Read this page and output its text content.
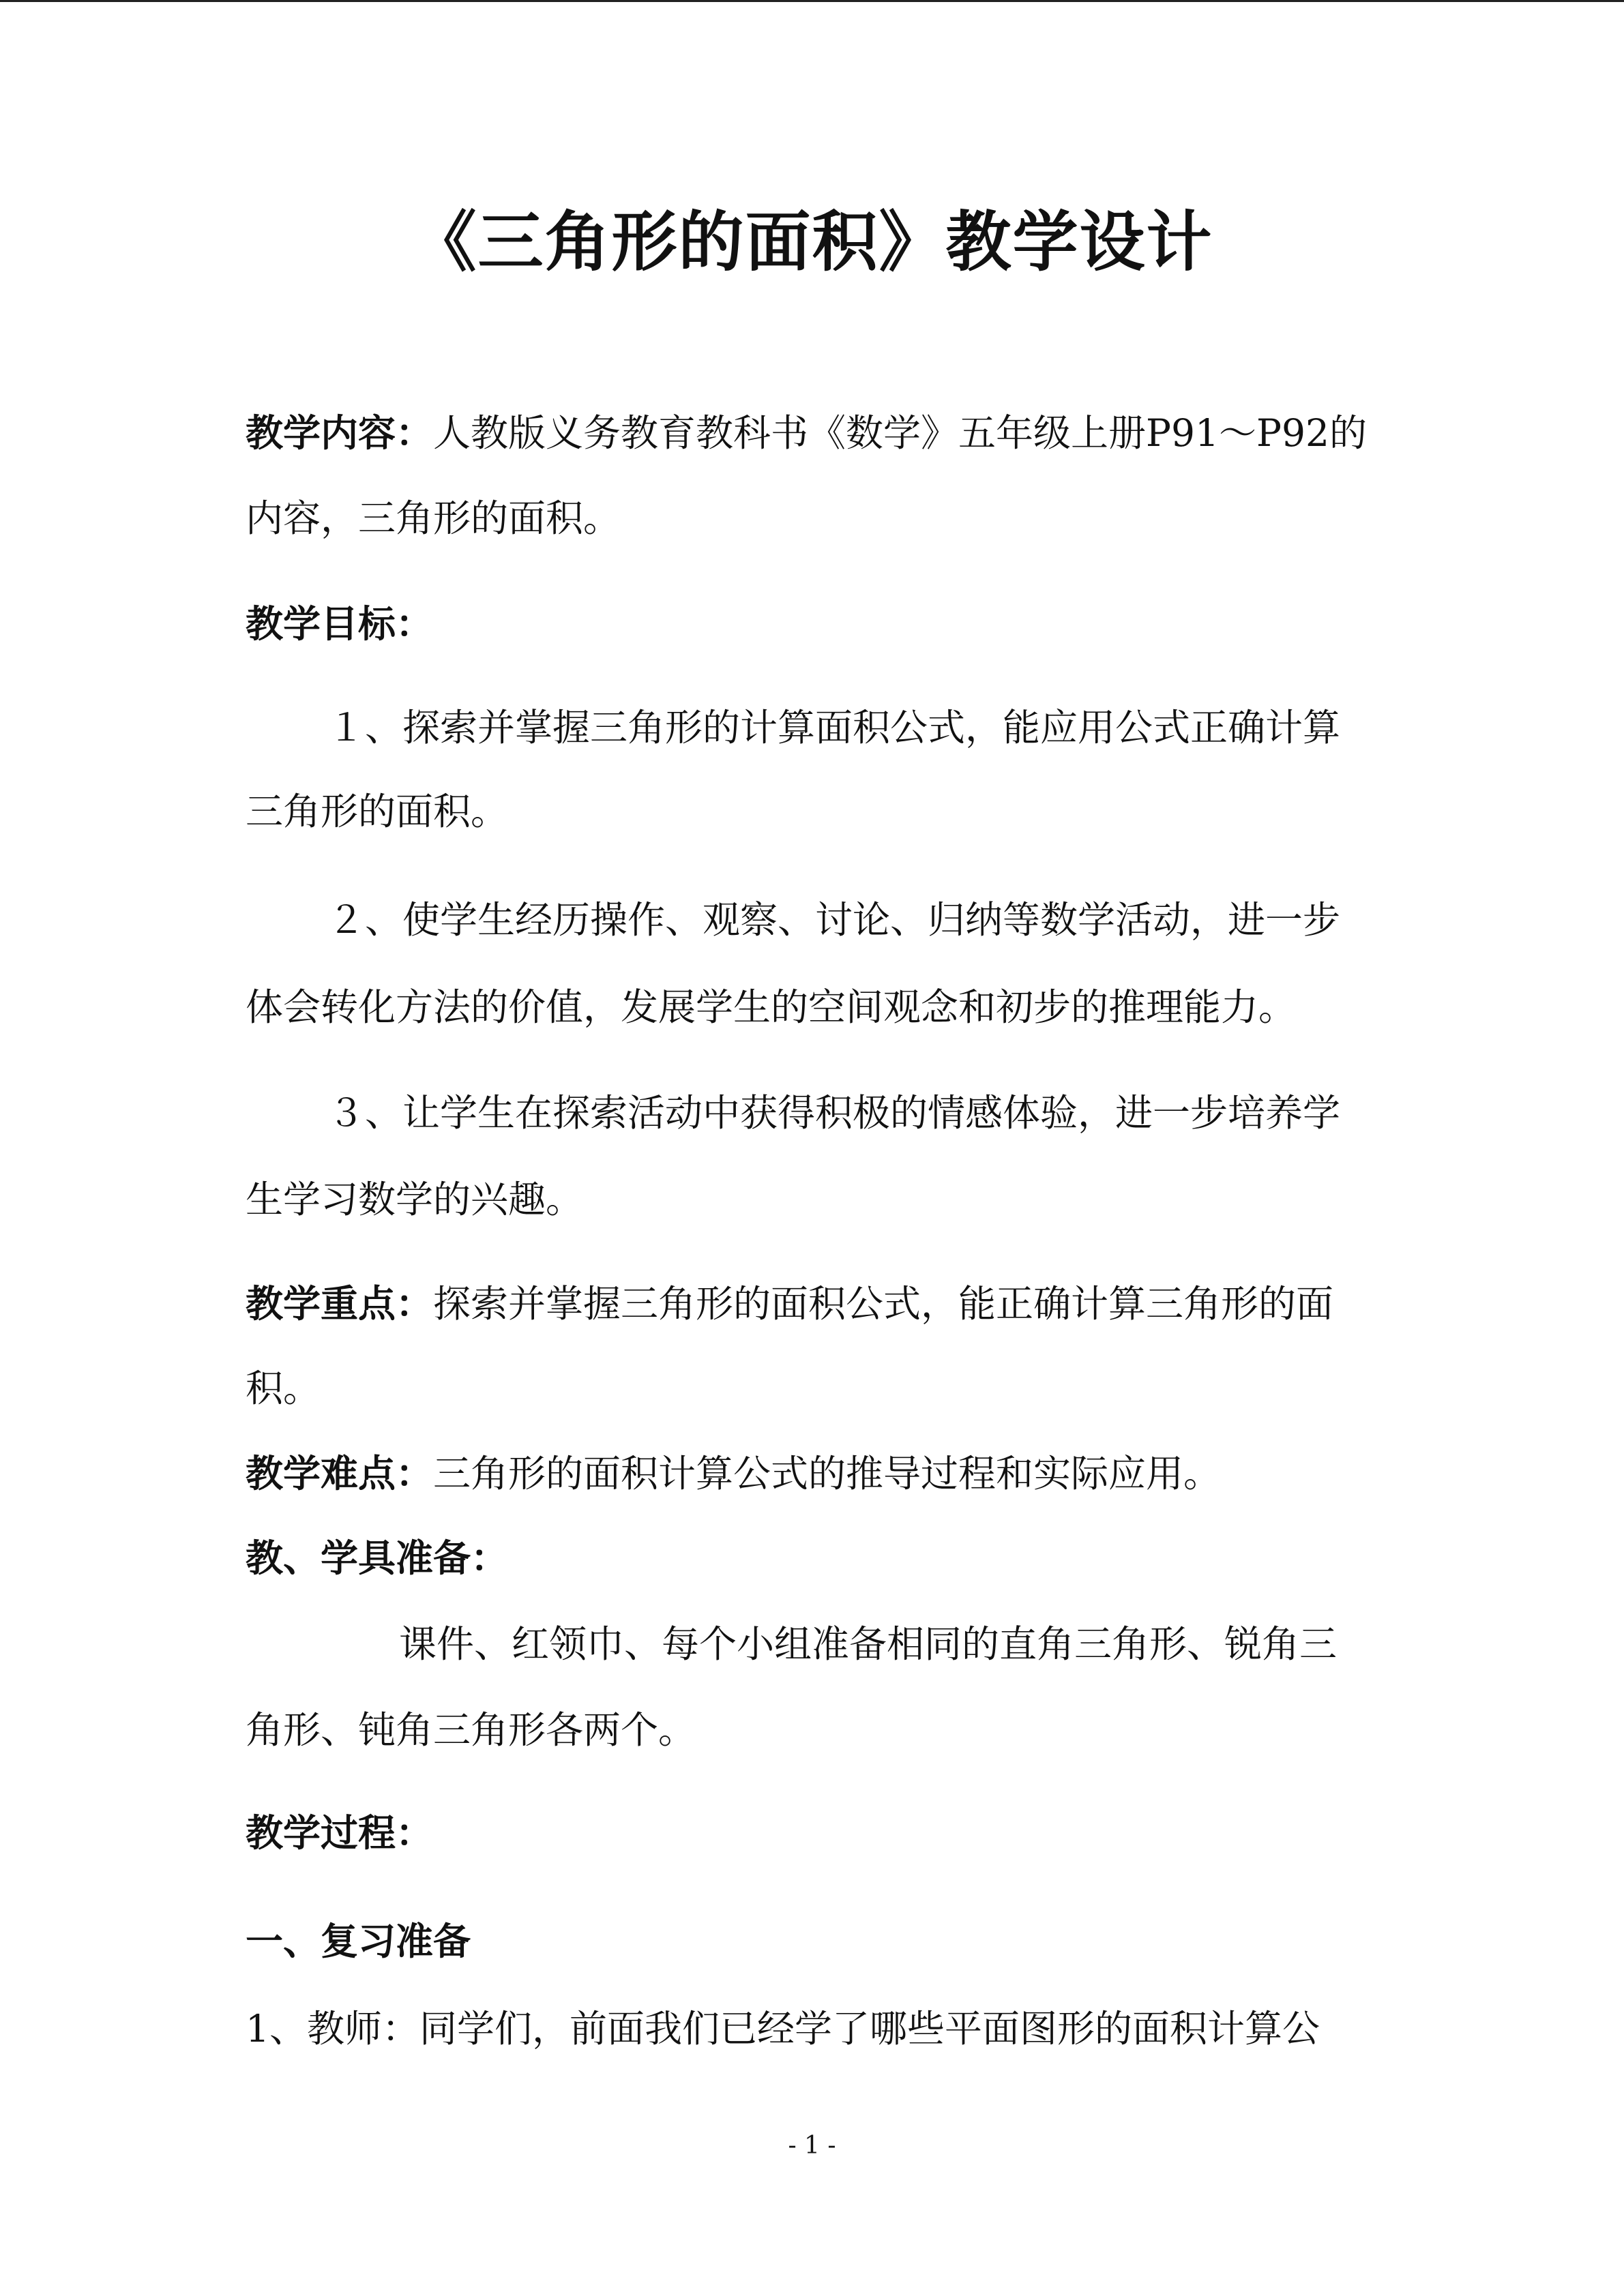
《三角形的面积》教学设计
教学内容：人教版义务教育教科书《数学》五年级上册P91～P92的
内容，三角形的面积。
教学目标：
１、探索并掌握三角形的计算面积公式，能应用公式正确计算
三角形的面积。
２、使学生经历操作、观察、讨论、归纳等数学活动，进一步
体会转化方法的价值，发展学生的空间观念和初步的推理能力。
３、让学生在探索活动中获得积极的情感体验，进一步培养学
生学习数学的兴趣。
教学重点：探索并掌握三角形的面积公式，能正确计算三角形的面
积。
教学难点：三角形的面积计算公式的推导过程和实际应用。
教、学具准备：
课件、红领巾、每个小组准备相同的直角三角形、锐角三
角形、钝角三角形各两个。
教学过程：
一、复习准备
1、教师：同学们，前面我们已经学了哪些平面图形的面积计算公
- 1 -
